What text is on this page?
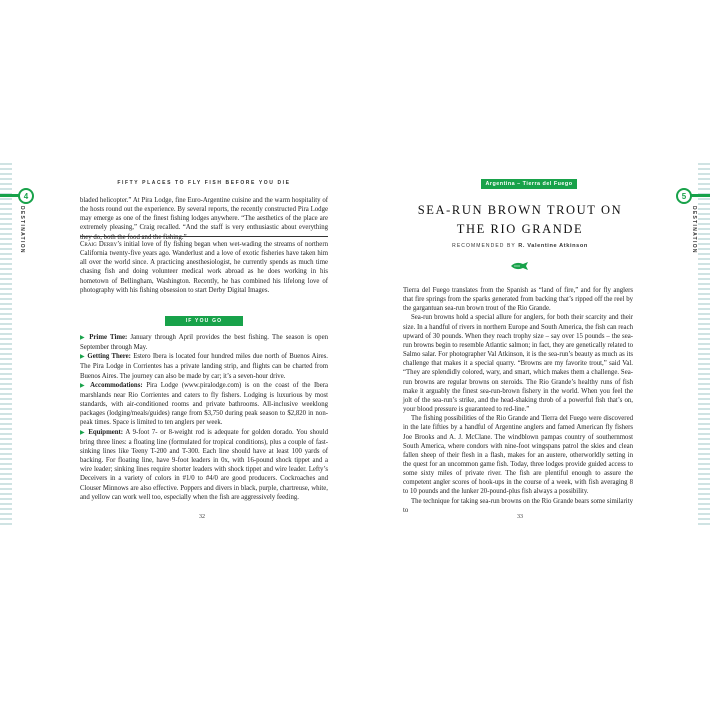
4
DESTINATION
FIFTY PLACES TO FLY FISH BEFORE YOU DIE

bladed helicopter.” At Pira Lodge, fine Euro-Argentine cuisine and the warm hospitality of the hosts round out the experience. By several reports, the recently constructed Pira Lodge may emerge as one of the finest fishing lodges anywhere. “The aesthetics of the place are extremely pleasing,” Craig recalled. “And the staff is very enthusiastic about everything they do, both the food and the fishing.”

Craig Derby’s initial love of fly fishing began when wet-wading the streams of northern California twenty-five years ago. Wanderlust and a love of exotic fisheries have taken him all over the world since. A practicing anesthesiologist, he currently spends as much time chasing fish and doing volunteer medical work abroad as he does working in his hometown of Bellingham, Washington. Recently, he has combined his lifelong love of photography with his fishing obsession to start Derby Digital Images.

IF YOU GO

▶ Prime Time: January through April provides the best fishing. The season is open September through May.

▶ Getting There: Estero Ibera is located four hundred miles due north of Buenos Aires. The Pira Lodge in Corrientes has a private landing strip, and flights can be charted from Buenos Aires. The journey can also be made by car; it’s a seven-hour drive.

▶ Accommodations: Pira Lodge (www.piralodge.com) is on the coast of the Ibera marshlands near Rio Corrientes and caters to fly fishers. Lodging is luxurious by most standards, with air-conditioned rooms and private bathrooms. All-inclusive weeklong packages (lodging/meals/guides) range from $3,750 during peak season to $2,820 in non-peak times. Space is limited to ten anglers per week.

▶ Equipment: A 9-foot 7- or 8-weight rod is adequate for golden dorado. You should bring three lines: a floating line (formulated for tropical conditions), plus a couple of fast-sinking lines like Teeny T-200 and T-300. Each line should have at least 100 yards of backing. For floating line, have 9-foot leaders in 0x, with 16-pound shock tippet and a wire leader; sinking lines require shorter leaders with shock tippet and wire leader. Lefty’s Deceivers in a variety of colors in #1/0 to #4/0 are good producers. Cockroaches and Clouser Minnows are also effective. Poppers and divers in black, purple, chartreuse, white, and yellow can work well too, especially when the fish are aggressively feeding.

32
5
DESTINATION
Argentina – Tierra del Fuego
SEA-RUN BROWN TROUT ON
THE RIO GRANDE
RECOMMENDED BY R. Valentine Atkinson

Tierra del Fuego translates from the Spanish as “land of fire,” and for fly anglers that fire springs from the sparks generated from backing that’s ripped off the reel by the gargantuan sea-run brown trout of the Rio Grande.

Sea-run browns hold a special allure for anglers, for both their scarcity and their size. In a handful of rivers in northern Europe and South America, the fish can reach upward of 30 pounds. When they reach trophy size – say over 15 pounds – the sea-run browns begin to resemble Atlantic salmon; in fact, they are genetically related to Salmo salar. For photographer Val Atkinson, it is the sea-run’s beauty as much as its challenge that makes it a special quarry. “Browns are my favorite trout,” said Val. “They are splendidly colored, wary, and smart, which makes them a challenge. Sea-run browns are regular browns on steroids. The Rio Grande’s healthy runs of fish make it arguably the finest sea-run-brown fishery in the world. When you feel the jolt of the sea-run’s strike, and the head-shaking throb of a powerful fish that’s on, your blood pressure is guaranteed to red-line.”

The fishing possibilities of the Rio Grande and Tierra del Fuego were discovered in the late fifties by a handful of Argentine anglers and famed American fly fishers Joe Brooks and A. J. McClane. The windblown pampas country of southernmost South America, where condors with nine-foot wingspans patrol the skies and clean fallen sheep of their flesh in a flash, makes for an austere, otherworldly setting in the quest for an uncommon game fish. Today, three lodges provide guided access to some sixty miles of private river. The fish are plentiful enough to assure the competent angler scores of hook-ups in the course of a week, with fish averaging 8 to 10 pounds and the lunker 20-pound-plus fish always a possibility.

The technique for taking sea-run browns on the Rio Grande bears some similarity to

33
